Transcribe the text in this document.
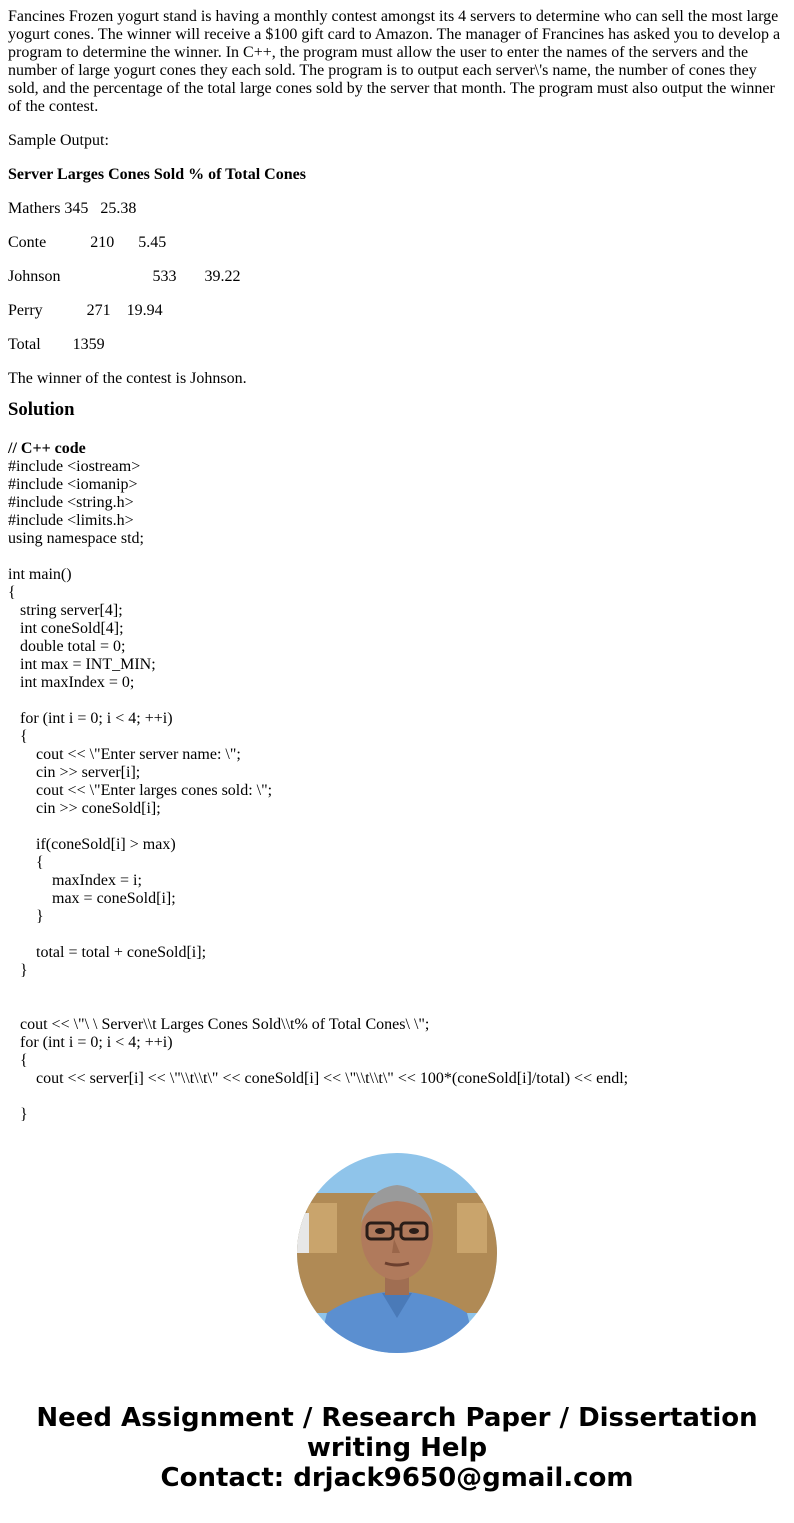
Fancines Frozen yogurt stand is having a monthly contest amongst its 4 servers to determine who can sell the most large yogurt cones. The winner will receive a $100 gift card to Amazon. The manager of Francines has asked you to develop a program to determine the winner. In C++, the program must allow the user to enter the names of the servers and the number of large yogurt cones they each sold. The program is to output each server\'s name, the number of cones they sold, and the percentage of the total large cones sold by the server that month. The program must also output the winner of the contest.

Sample Output:

Server Larges Cones Sold % of Total Cones

Mathers 345   25.38

Conte           210      5.45

Johnson                       533       39.22

Perry           271    19.94

Total        1359

The winner of the contest is Johnson.

Solution
// C++ code
#include <iostream>
#include <iomanip>
#include <string.h>
#include <limits.h>
using namespace std;

int main()
{
string server[4];
int coneSold[4];
double total = 0;
int max = INT_MIN;
int maxIndex = 0;

for (int i = 0; i < 4; ++i)
{
cout << \"Enter server name: \";
cin >> server[i];
cout << \"Enter larges cones sold: \";
cin >> coneSold[i];

if(coneSold[i] > max)
{
maxIndex = i;
max = coneSold[i];
}

total = total + coneSold[i];
}

cout << \"\ \ Server\\t Larges Cones Sold\\t% of Total Cones\ \";
for (int i = 0; i < 4; ++i)
{
cout << server[i] << \"\\t\\t\" << coneSold[i] << \"\\t\\t\" << 100*(coneSold[i]/total) << endl;

}
Need Assignment / Research Paper / Dissertation
writing Help
Contact: drjack9650@gmail.com
